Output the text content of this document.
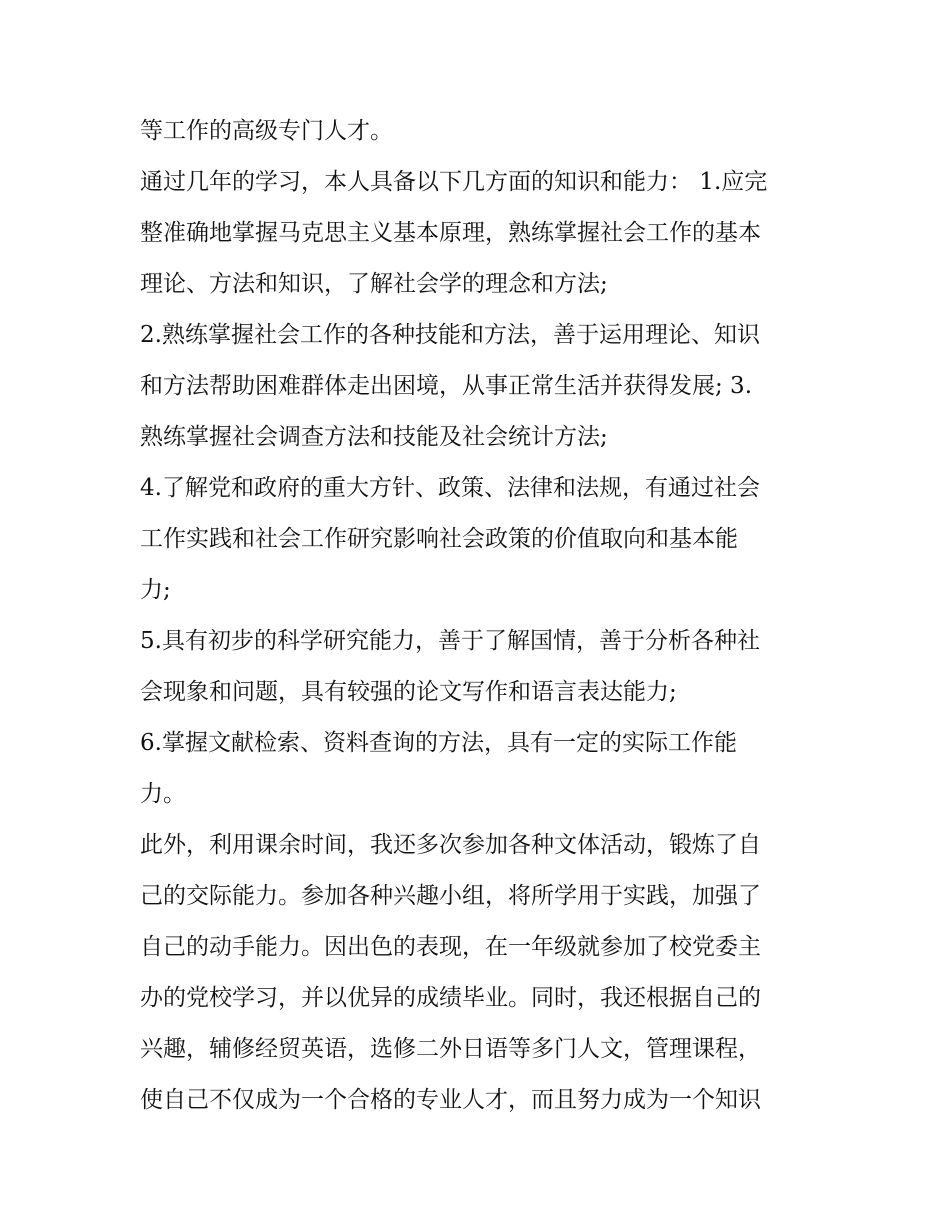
等工作的高级专门人才。
通过几年的学习，本人具备以下几方面的知识和能力： 1.应完
整准确地掌握马克思主义基本原理，熟练掌握社会工作的基本
理论、方法和知识，了解社会学的理念和方法;
2.熟练掌握社会工作的各种技能和方法，善于运用理论、知识
和方法帮助困难群体走出困境，从事正常生活并获得发展; 3.
熟练掌握社会调查方法和技能及社会统计方法;
4.了解党和政府的重大方针、政策、法律和法规，有通过社会
工作实践和社会工作研究影响社会政策的价值取向和基本能
力;
5.具有初步的科学研究能力，善于了解国情，善于分析各种社
会现象和问题，具有较强的论文写作和语言表达能力;
6.掌握文献检索、资料查询的方法，具有一定的实际工作能
力。
此外，利用课余时间，我还多次参加各种文体活动，锻炼了自
己的交际能力。参加各种兴趣小组，将所学用于实践，加强了
自己的动手能力。因出色的表现，在一年级就参加了校党委主
办的党校学习，并以优异的成绩毕业。同时，我还根据自己的
兴趣，辅修经贸英语，选修二外日语等多门人文，管理课程，
使自己不仅成为一个合格的专业人才，而且努力成为一个知识
